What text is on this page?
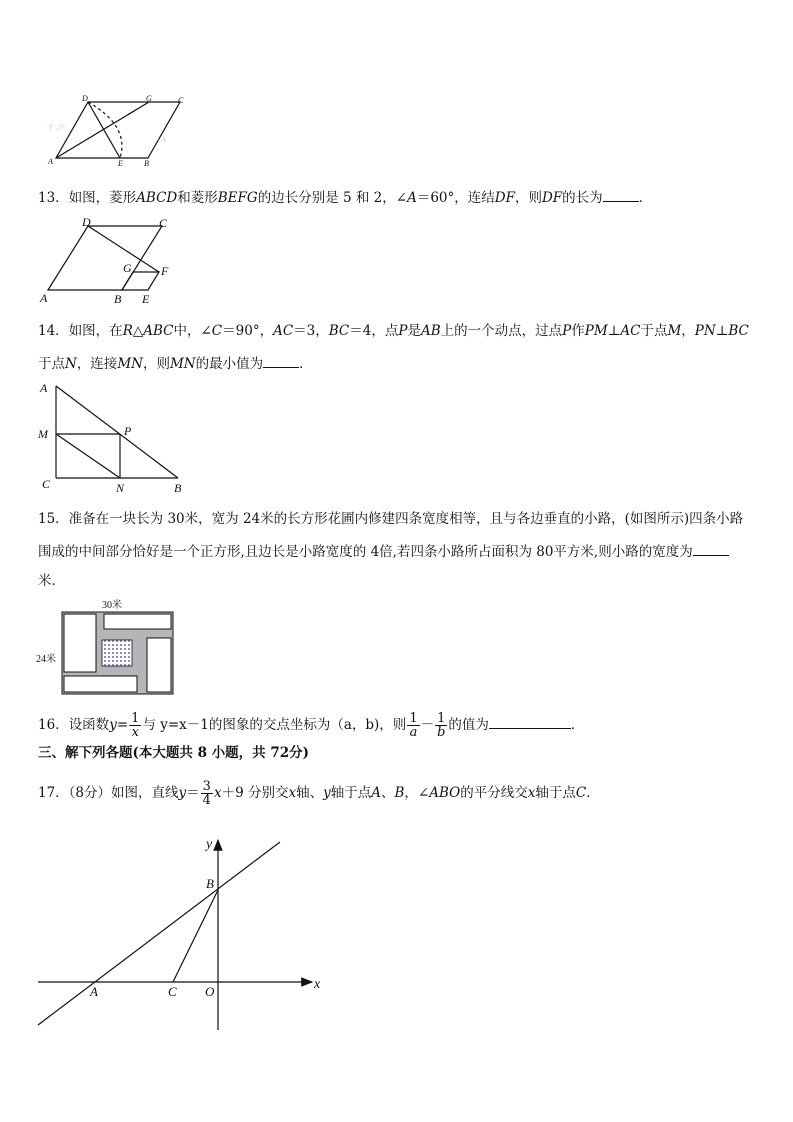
千 沙
-A
D	G	C
A	E	B
13．如图，菱形ABCD和菱形BEFG的边长分别是 5 和 2，∠A＝60°，连结DF，则DF的长为	．
D	C
G F
A	B E
14．如图，在R△ABC中，∠C＝90°，AC＝3，BC＝4，点P是AB上的一个动点，过点P作PM⊥AC于点M，PN⊥BC
于点N，连接MN，则MN的最小值为	．
A
M	P
C	N	B
15．准备在一块长为 30米，宽为 24米的长方形花圃内修建四条宽度相等，且与各边垂直的小路，(如图所示)四条小路
围成的中间部分恰好是一个正方形,且边长是小路宽度的 4倍,若四条小路所占面积为 80平方米,则小路的宽度为
米．
30米
24米
16．设函数$y= \frac{1}{x}$ 与 y=x－1的图象的交点坐标为（a，b)，则 $\frac{1}{a} - \frac{1}{b}$ 的值为	．
三、解下列各题(本大题共 8 小题，共 72分)
17．（8分）如图，直线$y= \frac{3}{4} x+9$ 分别交x轴、y轴于点A、B，∠ABO的平分线交x轴于点C．
y
B
x
A	C O
